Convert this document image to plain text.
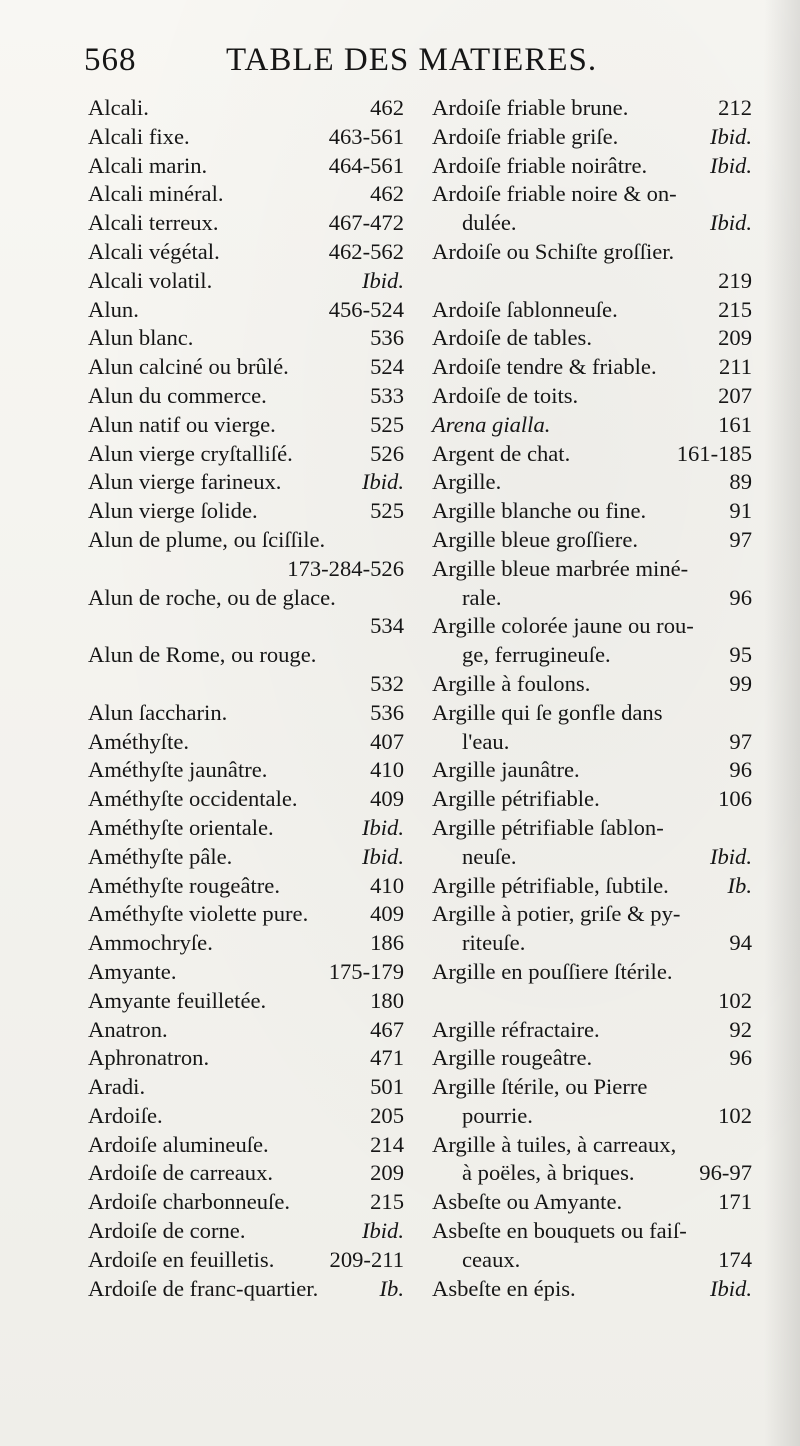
568	TABLE DES MATIERES.
Alcali.	462
Alcali fixe.	463-561
Alcali marin.	464-561
Alcali minéral.	462
Alcali terreux.	467-472
Alcali végétal.	462-562
Alcali volatil.	Ibid.
Alun.	456-524
Alun blanc.	536
Alun calciné ou brûlé.	524
Alun du commerce.	533
Alun natif ou vierge.	525
Alun vierge cryſtalliſé.	526
Alun vierge farineux.	Ibid.
Alun vierge ſolide.	525
Alun de plume, ou ſciſſile.
173-284-526
Alun de roche, ou de glace.
534
Alun de Rome, ou rouge.
532
Alun ſaccharin.	536
Améthyſte.	407
Améthyſte jaunâtre.	410
Améthyſte occidentale.	409
Améthyſte orientale.	Ibid.
Améthyſte pâle.	Ibid.
Améthyſte rougeâtre.	410
Améthyſte violette pure.	409
Ammochryſe.	186
Amyante.	175-179
Amyante feuilletée.	180
Anatron.	467
Aphronatron.	471
Aradi.	501
Ardoiſe.	205
Ardoiſe alumineuſe.	214
Ardoiſe de carreaux.	209
Ardoiſe charbonneuſe.	215
Ardoiſe de corne.	Ibid.
Ardoiſe en feuilletis.	209-211
Ardoiſe de franc-quartier.	Ib.
Ardoiſe friable brune.	212
Ardoiſe friable griſe.	Ibid.
Ardoiſe friable noirâtre.	Ibid.
Ardoiſe friable noire & on-
dulée.	Ibid.
Ardoiſe ou Schiſte groſſier.
219
Ardoiſe ſablonneuſe.	215
Ardoiſe de tables.	209
Ardoiſe tendre & friable.	211
Ardoiſe de toits.	207
Arena gialla.	161
Argent de chat.	161-185
Argille.	89
Argille blanche ou fine.	91
Argille bleue groſſiere.	97
Argille bleue marbrée miné-
rale.	96
Argille colorée jaune ou rou-
ge, ferrugineuſe.	95
Argille à foulons.	99
Argille qui ſe gonfle dans
l'eau.	97
Argille jaunâtre.	96
Argille pétrifiable.	106
Argille pétrifiable ſablon-
neuſe.	Ibid.
Argille pétrifiable, ſubtile.	Ib.
Argille à potier, griſe & py-
riteuſe.	94
Argille en pouſſiere ſtérile.
102
Argille réfractaire.	92
Argille rougeâtre.	96
Argille ſtérile, ou Pierre
pourrie.	102
Argille à tuiles, à carreaux,
à poëles, à briques.	96-97
Asbeſte ou Amyante.	171
Asbeſte en bouquets ou faiſ-
ceaux.	174
Asbeſte en épis.	Ibid.
